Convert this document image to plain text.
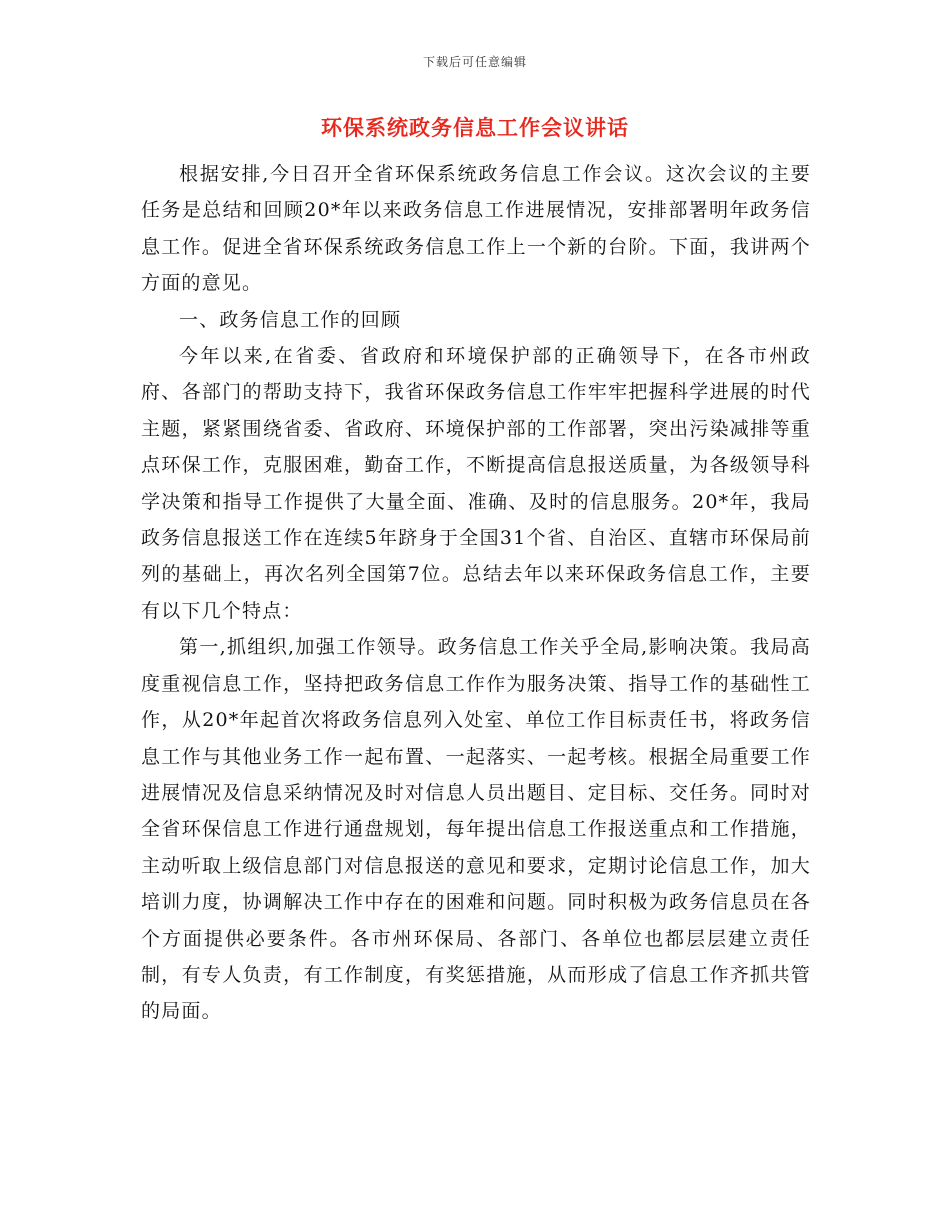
下载后可任意编辑
环保系统政务信息工作会议讲话

根据安排,今日召开全省环保系统政务信息工作会议。这次会议的主要任务是总结和回顾20*年以来政务信息工作进展情况，安排部署明年政务信息工作。促进全省环保系统政务信息工作上一个新的台阶。下面，我讲两个方面的意见。

一、政务信息工作的回顾

今年以来,在省委、省政府和环境保护部的正确领导下，在各市州政府、各部门的帮助支持下，我省环保政务信息工作牢牢把握科学进展的时代主题，紧紧围绕省委、省政府、环境保护部的工作部署，突出污染减排等重点环保工作，克服困难，勤奋工作，不断提高信息报送质量，为各级领导科学决策和指导工作提供了大量全面、准确、及时的信息服务。20*年，我局政务信息报送工作在连续5年跻身于全国31个省、自治区、直辖市环保局前列的基础上，再次名列全国第7位。总结去年以来环保政务信息工作，主要有以下几个特点：

第一,抓组织,加强工作领导。政务信息工作关乎全局,影响决策。我局高度重视信息工作，坚持把政务信息工作作为服务决策、指导工作的基础性工作，从20*年起首次将政务信息列入处室、单位工作目标责任书，将政务信息工作与其他业务工作一起布置、一起落实、一起考核。根据全局重要工作进展情况及信息采纳情况及时对信息人员出题目、定目标、交任务。同时对全省环保信息工作进行通盘规划，每年提出信息工作报送重点和工作措施，主动听取上级信息部门对信息报送的意见和要求，定期讨论信息工作，加大培训力度，协调解决工作中存在的困难和问题。同时积极为政务信息员在各个方面提供必要条件。各市州环保局、各部门、各单位也都层层建立责任制，有专人负责，有工作制度，有奖惩措施，从而形成了信息工作齐抓共管的局面。
